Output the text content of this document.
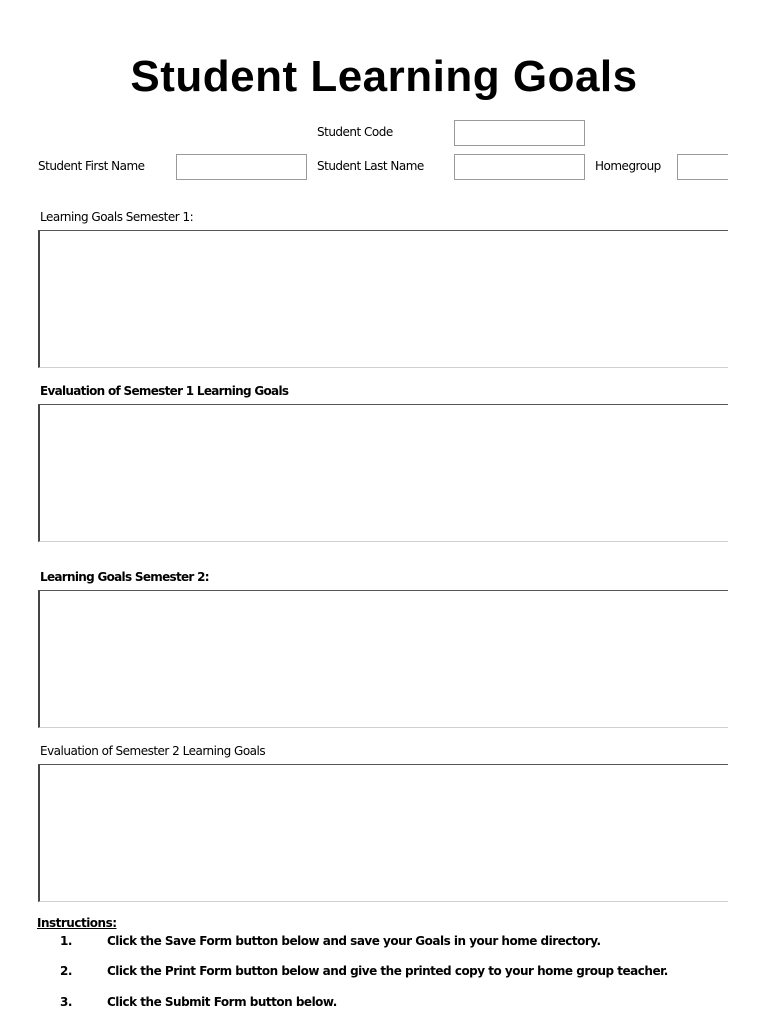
Student Learning Goals
Student Code
Student First Name	Student Last Name	Homegroup
Learning Goals Semester 1:
Evaluation of Semester 1 Learning Goals
Learning Goals Semester 2:
Evaluation of Semester 2 Learning Goals
Instructions:
1.	Click the Save Form button below and save your Goals in your home directory.
2.	Click the Print Form button below and give the printed copy to your home group teacher.
3.	Click the Submit Form button below.
